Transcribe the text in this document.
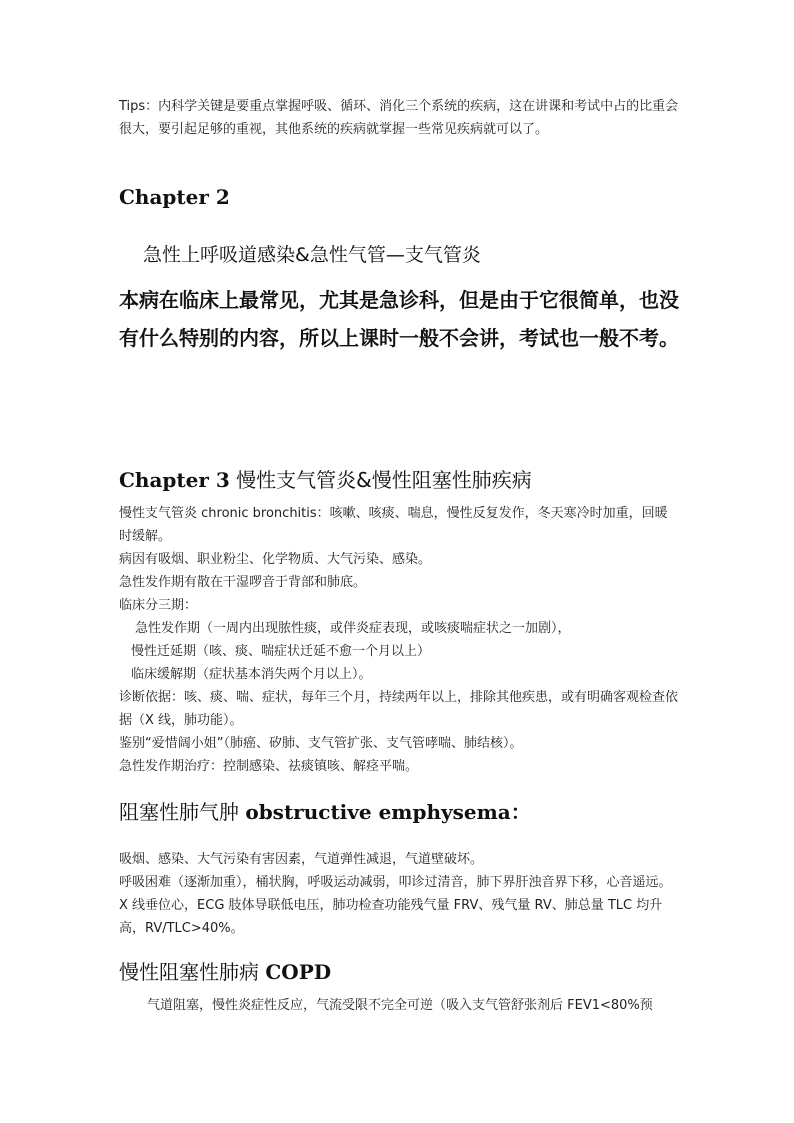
Tips：内科学关键是要重点掌握呼吸、循环、消化三个系统的疾病，这在讲课和考试中占的比重会很大，要引起足够的重视，其他系统的疾病就掌握一些常见疾病就可以了。
Chapter 2
急性上呼吸道感染&急性气管—支气管炎
本病在临床上最常见，尤其是急诊科，但是由于它很简单，也没有什么特别的内容，所以上课时一般不会讲，考试也一般不考。
Chapter 3 慢性支气管炎&慢性阻塞性肺疾病

慢性支气管炎 chronic bronchitis：咳嗽、咳痰、喘息，慢性反复发作，冬天寒冷时加重，回暖时缓解。

病因有吸烟、职业粉尘、化学物质、大气污染、感染。

急性发作期有散在干湿啰音于背部和肺底。

临床分三期：

急性发作期（一周内出现脓性痰，或伴炎症表现，或咳痰喘症状之一加剧），

慢性迁延期（咳、痰、喘症状迁延不愈一个月以上）

临床缓解期（症状基本消失两个月以上）。

诊断依据：咳、痰、喘、症状，每年三个月，持续两年以上，排除其他疾患，或有明确客观检查依据（X 线，肺功能）。

鉴别“爱惜阔小姐”（肺癌、矽肺、支气管扩张、支气管哮喘、肺结核）。

急性发作期治疗：控制感染、祛痰镇咳、解痉平喘。

阻塞性肺气肿 obstructive emphysema：

吸烟、感染、大气污染有害因素，气道弹性减退，气道壁破坏。

呼吸困难（逐渐加重），桶状胸，呼吸运动减弱，叩诊过清音，肺下界肝浊音界下移，心音遥远。X 线垂位心，ECG 肢体导联低电压，肺功检查功能残气量 FRV、残气量 RV、肺总量 TLC 均升高，RV/TLC>40%。

慢性阻塞性肺病 COPD
气道阻塞，慢性炎症性反应，气流受限不完全可逆（吸入支气管舒张剂后 FEV1<80%预
